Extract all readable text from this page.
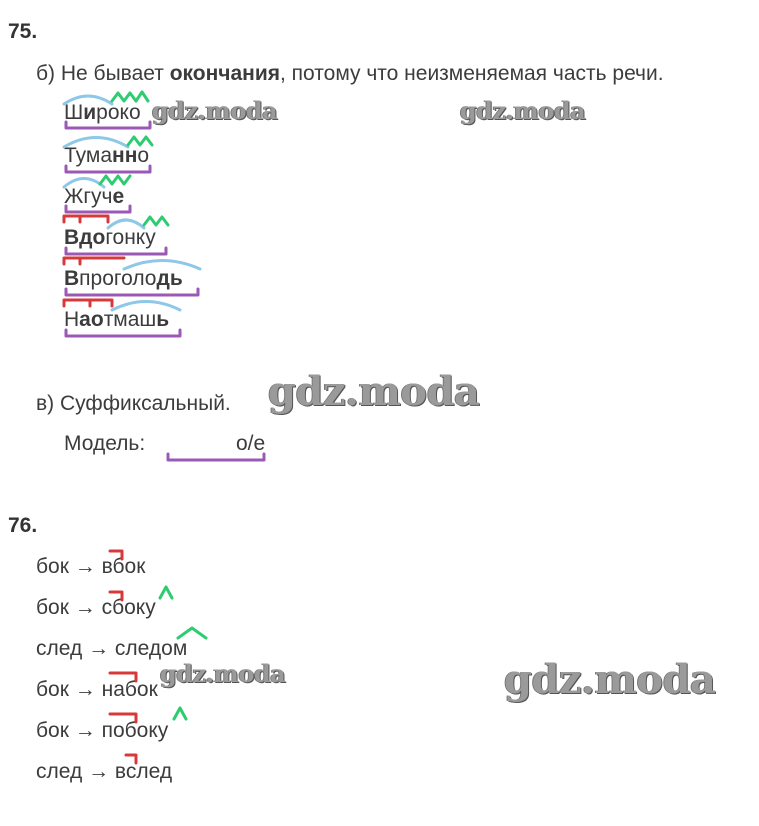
75.
б) Не бывает окончания, потому что неизменяемая часть речи.
Широко
Туманно
Жгуче
Вдогонку
Впроголодь
Наотмашь
в) Суффиксальный.
Модель:	о/е
76.
бок → вбок
бок → сбоку
след → следом
бок → набок
бок → побоку
след → вслед
gdz.moda	gdz.moda
gdz.moda
gdz.moda	gdz.moda
